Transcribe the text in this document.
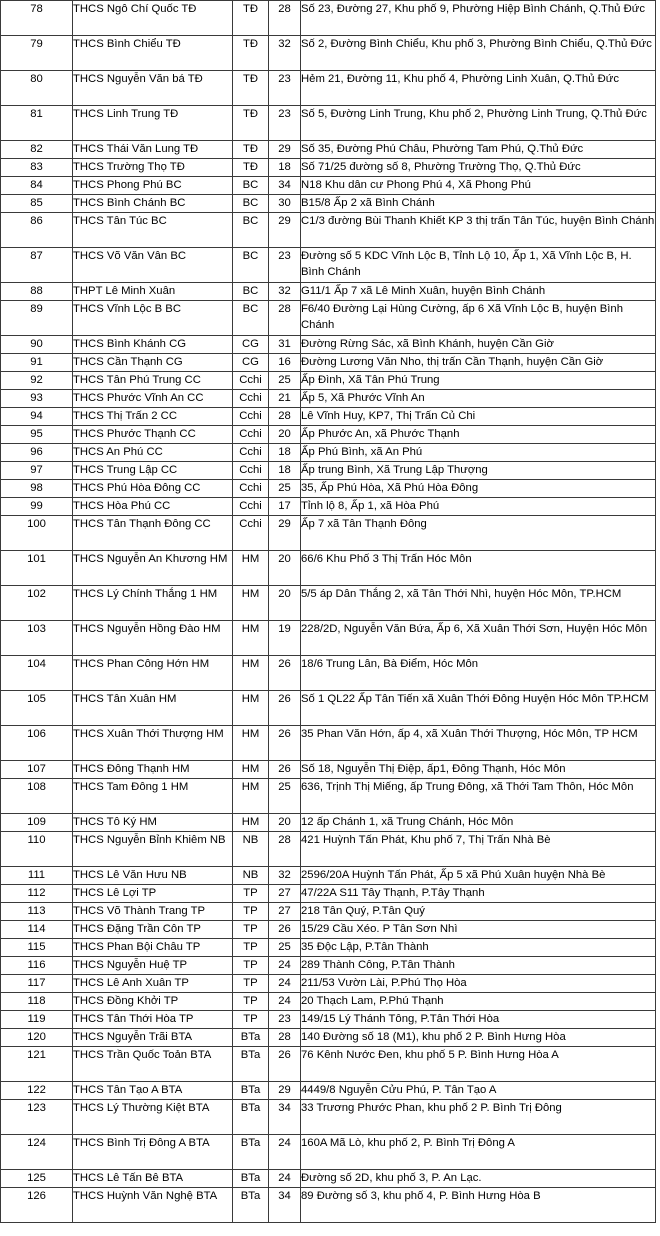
78	THCS Ngô Chí Quốc TĐ	TĐ	28	Số 23, Đường 27, Khu phố 9, Phường Hiệp Bình Chánh, Q.Thủ Đức
79	THCS Bình Chiểu TĐ	TĐ	32	Số 2, Đường Bình Chiểu, Khu phố 3, Phường Bình Chiểu, Q.Thủ Đức
80	THCS Nguyễn Văn bá TĐ	TĐ	23	Hẻm 21, Đường 11, Khu phố 4, Phường Linh Xuân, Q.Thủ Đức
81	THCS Linh Trung TĐ	TĐ	23	Số 5, Đường Linh Trung, Khu phố 2, Phường Linh Trung, Q.Thủ Đức
82	THCS Thái Văn Lung TĐ	TĐ	29	Số 35, Đường Phú Châu, Phường Tam Phú, Q.Thủ Đức
83	THCS Trường Thọ TĐ	TĐ	18	Số 71/25 đường số 8, Phường Trường Thọ, Q.Thủ Đức
84	THCS Phong Phú BC	BC	34	N18 Khu dân cư Phong Phú 4, Xã Phong Phú
85	THCS Bình Chánh BC	BC	30	B15/8 Ấp 2 xã Bình Chánh
86	THCS Tân Túc BC	BC	29	C1/3 đường Bùi Thanh Khiết KP 3 thị trấn Tân Túc, huyện Bình Chánh
87	THCS Võ Văn Vân BC	BC	23	Đường số 5 KDC Vĩnh Lộc B, Tỉnh Lộ 10, Ấp 1, Xã Vĩnh Lộc B, H. Bình Chánh
88	THPT Lê Minh Xuân	BC	32	G11/1 Ấp 7 xã Lê Minh Xuân, huyện Bình Chánh
89	THCS Vĩnh Lộc B BC	BC	28	F6/40 Đường Lại Hùng Cường, ấp 6 Xã Vĩnh Lộc B, huyện Bình Chánh
90	THCS Bình Khánh CG	CG	31	Đường Rừng Sác, xã Bình Khánh, huyện Cần Giờ
91	THCS Cần Thạnh CG	CG	16	Đường Lương Văn Nho, thị trấn Cần Thạnh, huyện Cần Giờ
92	THCS Tân Phú Trung CC	Cchi	25	Ấp Đình, Xã Tân Phú Trung
93	THCS Phước Vĩnh An CC	Cchi	21	Ấp 5, Xã Phước Vĩnh An
94	THCS Thị Trấn 2 CC	Cchi	28	Lê Vĩnh Huy, KP7, Thị Trấn Củ Chi
95	THCS Phước Thạnh CC	Cchi	20	Ấp Phước An, xã Phước Thạnh
96	THCS An Phú CC	Cchi	18	Ấp Phú Bình, xã An Phú
97	THCS Trung Lập CC	Cchi	18	Ấp trung Bình, Xã Trung Lập Thượng
98	THCS Phú Hòa Đông CC	Cchi	25	35, Ấp Phú Hòa, Xã Phú Hòa Đông
99	THCS Hòa Phú CC	Cchi	17	Tỉnh lộ 8, Ấp 1, xã Hòa Phú
100	THCS Tân Thạnh Đông CC	Cchi	29	Ấp 7 xã Tân Thạnh Đông
101	THCS Nguyễn An Khương HM	HM	20	66/6 Khu Phố 3 Thị Trấn Hóc Môn
102	THCS Lý Chính Thắng 1 HM	HM	20	5/5 áp Dân Thắng 2, xã Tân Thới Nhì, huyện Hóc Môn, TP.HCM
103	THCS Nguyễn Hồng Đào HM	HM	19	228/2D, Nguyễn Văn Bứa, Ấp 6, Xã Xuân Thới Sơn, Huyện Hóc Môn
104	THCS Phan Công Hớn HM	HM	26	18/6 Trung Lân, Bà Điểm, Hóc Môn
105	THCS Tân Xuân HM	HM	26	Số 1 QL22 Ấp Tân Tiến xã Xuân Thới Đông Huyện Hóc Môn TP.HCM
106	THCS Xuân Thới Thượng HM	HM	26	35 Phan Văn Hớn, ấp 4, xã Xuân Thới Thượng, Hóc Môn, TP HCM
107	THCS Đông Thạnh HM	HM	26	Số 18, Nguyễn Thị Điệp, ấp1, Đông Thạnh, Hóc Môn
108	THCS Tam Đông 1 HM	HM	25	636, Trịnh Thị Miếng, ấp Trung Đông, xã Thới Tam Thôn, Hóc Môn
109	THCS Tô Ký HM	HM	20	12 ấp Chánh 1, xã Trung Chánh, Hóc Môn
110	THCS Nguyễn Bỉnh Khiêm NB	NB	28	421 Huỳnh Tấn Phát, Khu phố 7, Thị Trấn Nhà Bè
111	THCS Lê Văn Hưu NB	NB	32	2596/20A Huỳnh Tấn Phát, Ấp 5 xã Phú Xuân huyện Nhà Bè
112	THCS Lê Lợi TP	TP	27	47/22A S11 Tây Thạnh, P.Tây Thạnh
113	THCS Võ Thành Trang TP	TP	27	218 Tân Quý, P.Tân Quý
114	THCS Đặng Trần Côn TP	TP	26	15/29 Cầu Xéo. P Tân Sơn Nhì
115	THCS Phan Bội Châu TP	TP	25	35 Độc Lập, P.Tân Thành
116	THCS Nguyễn Huệ TP	TP	24	289 Thành Công, P.Tân Thành
117	THCS Lê Anh Xuân TP	TP	24	211/53 Vườn Lài, P.Phú Thọ Hòa
118	THCS Đồng Khởi TP	TP	24	20 Thạch Lam, P.Phú Thạnh
119	THCS Tân Thới Hòa TP	TP	23	149/15 Lý Thánh Tông, P.Tân Thới Hòa
120	THCS Nguyễn Trãi BTA	BTa	28	140 Đường số 18 (M1), khu phố 2 P. Bình Hưng Hòa
121	THCS Trần Quốc Toản BTA	BTa	26	76 Kênh Nước Đen, khu phố 5 P. Bình Hưng Hòa A
122	THCS Tân Tạo A BTA	BTa	29	4449/8 Nguyễn Cửu Phú, P. Tân Tạo A
123	THCS Lý Thường Kiệt BTA	BTa	34	33 Trương Phước Phan, khu phố 2 P. Bình Trị Đông
124	THCS Bình Trị Đông A BTA	BTa	24	160A Mã Lò, khu phố 2, P. Bình Trị Đông A
125	THCS Lê Tấn Bê BTA	BTa	24	Đường số 2D, khu phố 3, P. An Lạc.
126	THCS Huỳnh Văn Nghệ BTA	BTa	34	89 Đường số 3, khu phố 4, P. Bình Hưng Hòa B
